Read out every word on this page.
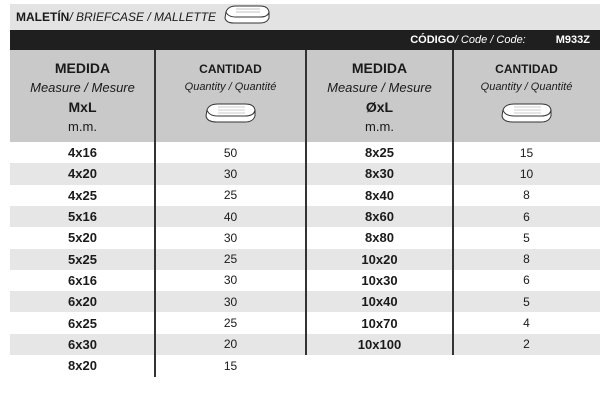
MALETÍN / BRIEFCASE / MALLETTE
CÓDIGO / Code / Code:	M933Z
MEDIDA
Measure / Mesure
MxL
m.m.
CANTIDAD
Quantity / Quantité
MEDIDA
Measure / Mesure
ØxL
m.m.
CANTIDAD
Quantity / Quantité
4x16	50	8x25	15
4x20	30	8x30	10
4x25	25	8x40	8
5x16	40	8x60	6
5x20	30	8x80	5
5x25	25	10x20	8
6x16	30	10x30	6
6x20	30	10x40	5
6x25	25	10x70	4
6x30	20	10x100	2
8x20	15
